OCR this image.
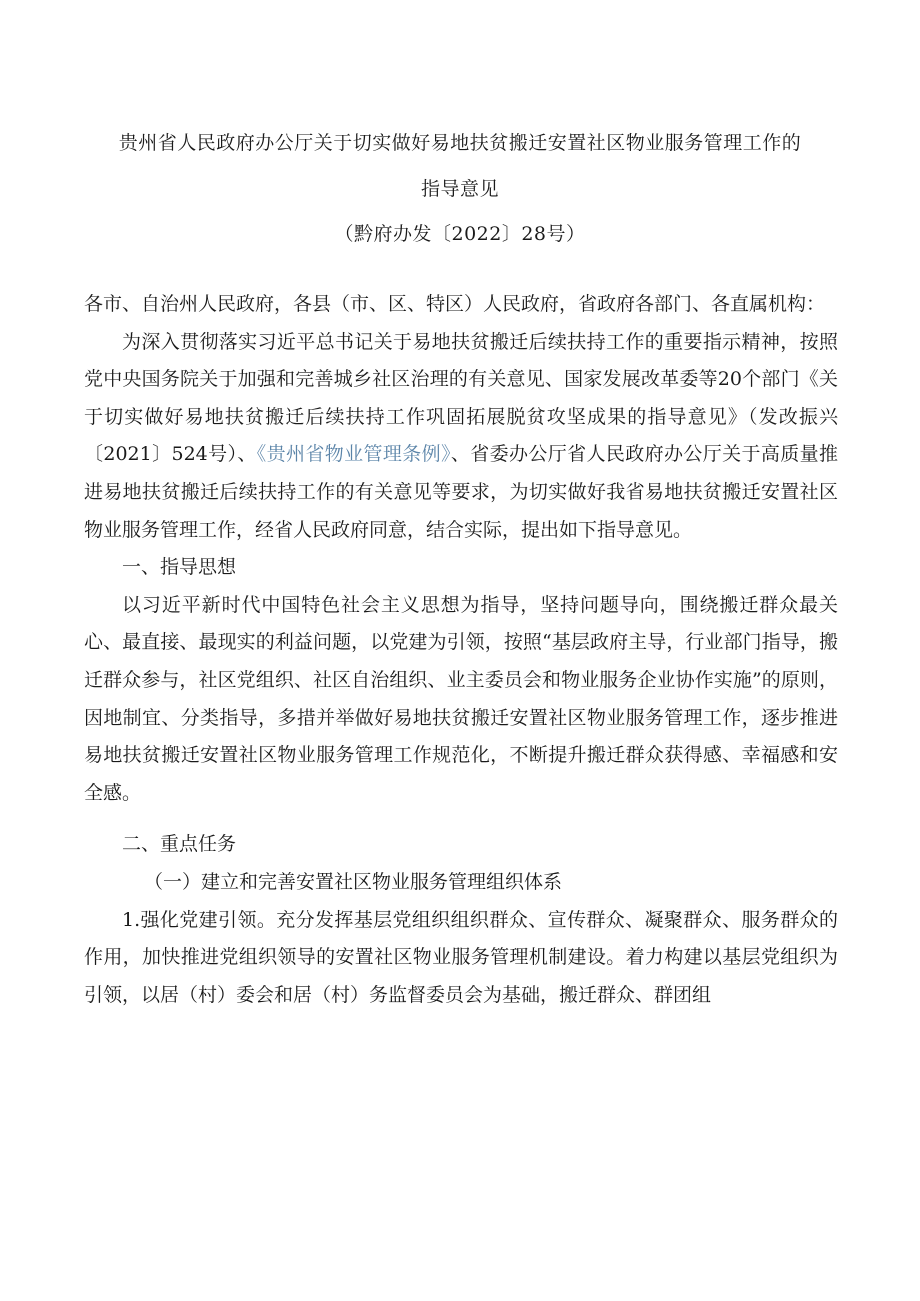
贵州省人民政府办公厅关于切实做好易地扶贫搬迁安置社区物业服务管理工作的
指导意见
（黔府办发〔2022〕28号）

各市、自治州人民政府，各县（市、区、特区）人民政府，省政府各部门、各直属机构：

为深入贯彻落实习近平总书记关于易地扶贫搬迁后续扶持工作的重要指示精神，按照党中央国务院关于加强和完善城乡社区治理的有关意见、国家发展改革委等20个部门《关于切实做好易地扶贫搬迁后续扶持工作巩固拓展脱贫攻坚成果的指导意见》（发改振兴〔2021〕524号）、《贵州省物业管理条例》、省委办公厅省人民政府办公厅关于高质量推进易地扶贫搬迁后续扶持工作的有关意见等要求，为切实做好我省易地扶贫搬迁安置社区物业服务管理工作，经省人民政府同意，结合实际，提出如下指导意见。

一、指导思想

以习近平新时代中国特色社会主义思想为指导，坚持问题导向，围绕搬迁群众最关心、最直接、最现实的利益问题，以党建为引领，按照“基层政府主导，行业部门指导，搬迁群众参与，社区党组织、社区自治组织、业主委员会和物业服务企业协作实施”的原则，因地制宜、分类指导，多措并举做好易地扶贫搬迁安置社区物业服务管理工作，逐步推进易地扶贫搬迁安置社区物业服务管理工作规范化，不断提升搬迁群众获得感、幸福感和安全感。

二、重点任务

（一）建立和完善安置社区物业服务管理组织体系

1.强化党建引领。充分发挥基层党组织组织群众、宣传群众、凝聚群众、服务群众的作用，加快推进党组织领导的安置社区物业服务管理机制建设。着力构建以基层党组织为引领，以居（村）委会和居（村）务监督委员会为基础，搬迁群众、群团组
